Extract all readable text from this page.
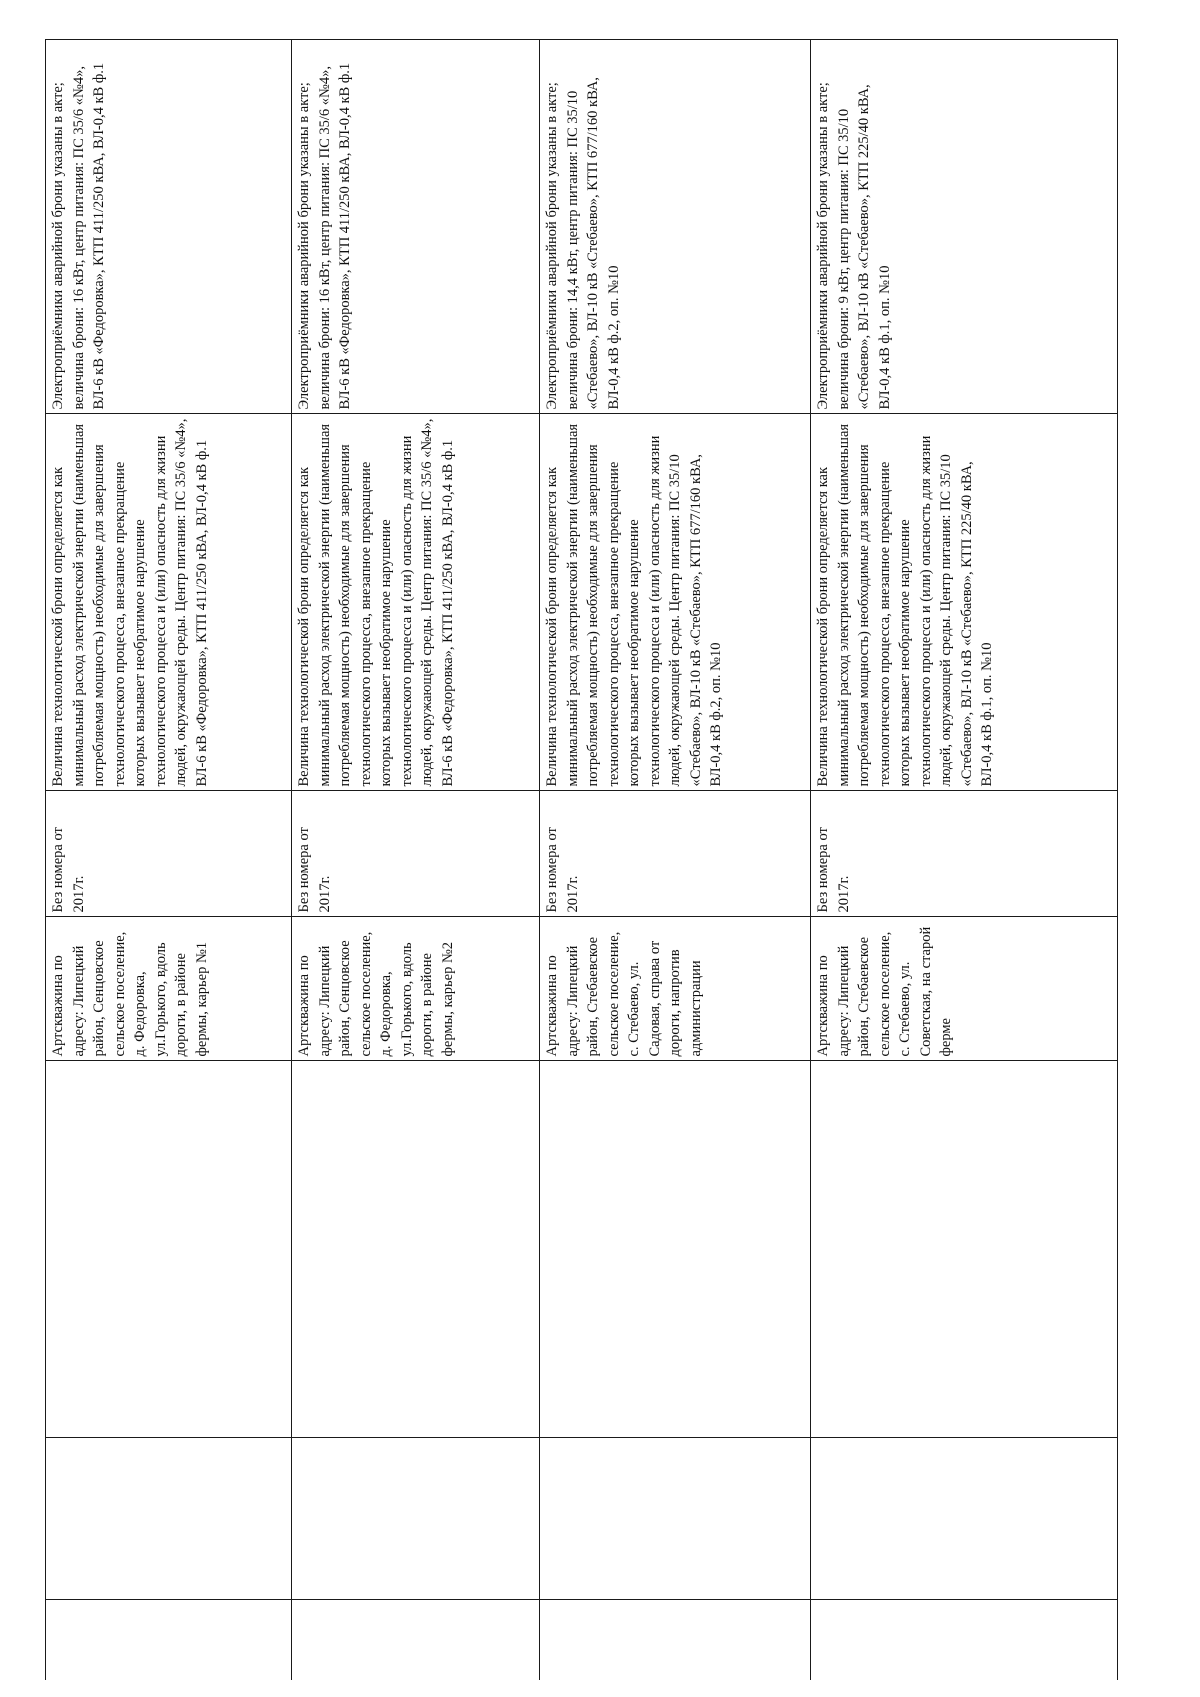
			Артскважина по адресу: Липецкий район, Сенцовское сельское поселение, д. Федоровка, ул.Горького, вдоль дороги, в районе фермы, карьер №1	Без номера от 2017г.	Величина технологической брони определяется как минимальный расход электрической энергии (наименьшая потребляемая мощность) необходимые для завершения технологического процесса, внезапное прекращение которых вызывает необратимое нарушение технологического процесса и (или) опасность для жизни людей, окружающей среды. Центр питания: ПС 35/6 «№4», ВЛ-6 кВ «Федоровка», КТП 411/250 кВА, ВЛ-0,4 кВ ф.1	Электроприёмники аварийной брони указаны в акте; величина брони: 16 кВт, центр питания: ПС 35/6 «№4», ВЛ-6 кВ «Федоровка», КТП 411/250 кВА, ВЛ-0,4 кВ ф.1
			Артскважина по адресу: Липецкий район, Сенцовское сельское поселение, д. Федоровка, ул.Горького, вдоль дороги, в районе фермы, карьер №2	Без номера от 2017г.	Величина технологической брони определяется как минимальный расход электрической энергии (наименьшая потребляемая мощность) необходимые для завершения технологического процесса, внезапное прекращение которых вызывает необратимое нарушение технологического процесса и (или) опасность для жизни людей, окружающей среды. Центр питания: ПС 35/6 «№4», ВЛ-6 кВ «Федоровка», КТП 411/250 кВА, ВЛ-0,4 кВ ф.1	Электроприёмники аварийной брони указаны в акте; величина брони: 16 кВт, центр питания: ПС 35/6 «№4», ВЛ-6 кВ «Федоровка», КТП 411/250 кВА, ВЛ-0,4 кВ ф.1
			Артскважина по адресу: Липецкий район, Стебаевское сельское поселение, с. Стебаево, ул. Садовая, справа от дороги, напротив администрации	Без номера от 2017г.	Величина технологической брони определяется как минимальный расход электрической энергии (наименьшая потребляемая мощность) необходимые для завершения технологического процесса, внезапное прекращение которых вызывает необратимое нарушение технологического процесса и (или) опасность для жизни людей, окружающей среды. Центр питания: ПС 35/10 «Стебаево», ВЛ-10 кВ «Стебаево», КТП 677/160 кВА, ВЛ-0,4 кВ ф.2, оп. №10	Электроприёмники аварийной брони указаны в акте; величина брони: 14,4 кВт, центр питания: ПС 35/10 «Стебаево», ВЛ-10 кВ «Стебаево», КТП 677/160 кВА, ВЛ-0,4 кВ ф.2, оп. №10
			Артскважина по адресу: Липецкий район, Стебаевское сельское поселение, с. Стебаево, ул. Советская, на старой ферме	Без номера от 2017г.	Величина технологической брони определяется как минимальный расход электрической энергии (наименьшая потребляемая мощность) необходимые для завершения технологического процесса, внезапное прекращение которых вызывает необратимое нарушение технологического процесса и (или) опасность для жизни людей, окружающей среды. Центр питания: ПС 35/10 «Стебаево», ВЛ-10 кВ «Стебаево», КТП 225/40 кВА, ВЛ-0,4 кВ ф.1, оп. №10	Электроприёмники аварийной брони указаны в акте; величина брони: 9 кВт, центр питания: ПС 35/10 «Стебаево», ВЛ-10 кВ «Стебаево», КТП 225/40 кВА, ВЛ-0,4 кВ ф.1, оп. №10
